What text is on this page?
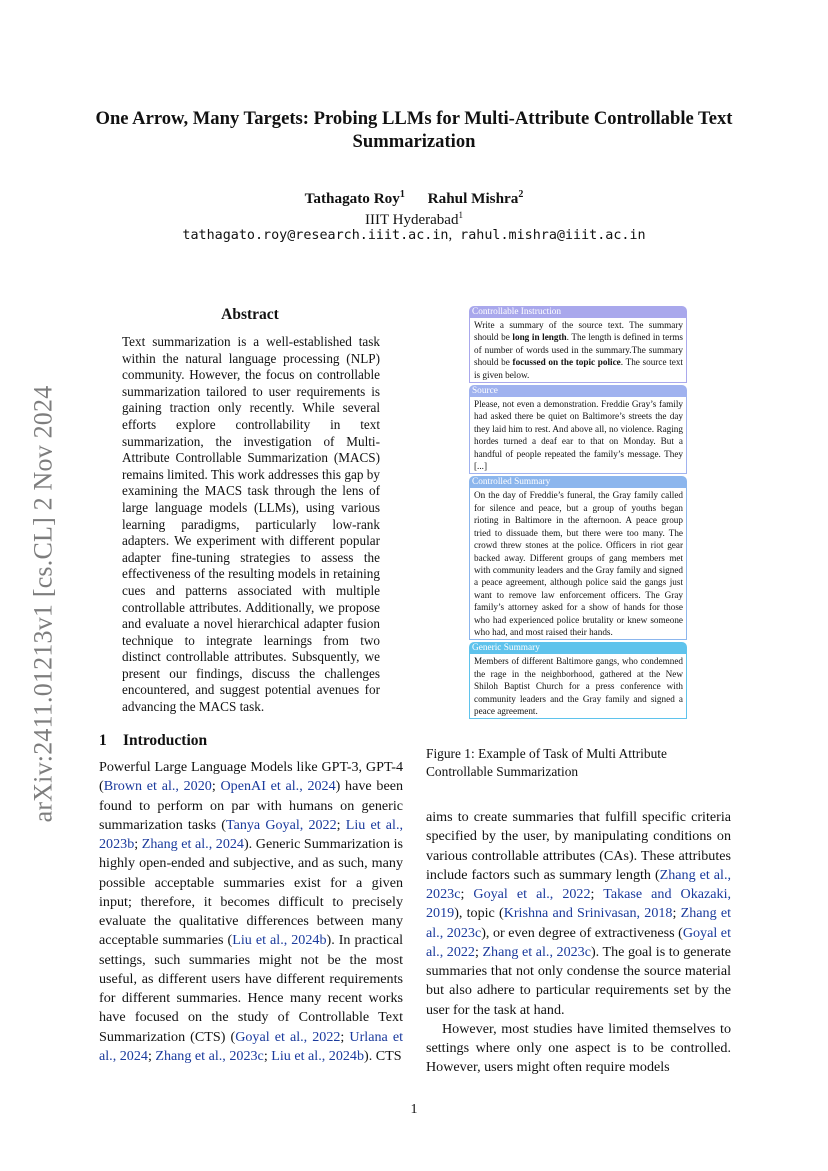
arXiv:2411.01213v1 [cs.CL] 2 Nov 2024
One Arrow, Many Targets: Probing LLMs for Multi-Attribute Controllable Text Summarization
Tathagato Roy$^1$ Rahul Mishra$^2$
IIIT Hyderabad$^1$
tathagato.roy@research.iiit.ac.in, rahul.mishra@iiit.ac.in
Abstract
Text summarization is a well-established task within the natural language processing (NLP) community. However, the focus on controllable summarization tailored to user requirements is gaining traction only recently. While several efforts explore controllability in text summarization, the investigation of Multi-Attribute Controllable Summarization (MACS) remains limited. This work addresses this gap by examining the MACS task through the lens of large language models (LLMs), using various learning paradigms, particularly low-rank adapters. We experiment with different popular adapter fine-tuning strategies to assess the effectiveness of the resulting models in retaining cues and patterns associated with multiple controllable attributes. Additionally, we propose and evaluate a novel hierarchical adapter fusion technique to integrate learnings from two distinct controllable attributes. Subsquently, we present our findings, discuss the challenges encountered, and suggest potential avenues for advancing the MACS task.
1 Introduction
Powerful Large Language Models like GPT-3, GPT-4 (Brown et al., 2020; OpenAI et al., 2024) have been found to perform on par with humans on generic summarization tasks (Tanya Goyal, 2022; Liu et al., 2023b; Zhang et al., 2024). Generic Summarization is highly open-ended and subjective, and as such, many possible acceptable summaries exist for a given input; therefore, it becomes difficult to precisely evaluate the qualitative differences between many acceptable summaries (Liu et al., 2024b). In practical settings, such summaries might not be the most useful, as different users have different requirements for different summaries. Hence many recent works have focused on the study of Controllable Text Summarization (CTS) (Goyal et al., 2022; Urlana et al., 2024; Zhang et al., 2023c; Liu et al., 2024b). CTS
Controllable Instruction
Write a summary of the source text. The summary should be long in length. The length is defined in terms of number of words used in the summary.The summary should be focussed on the topic police. The source text is given below.
Source
Please, not even a demonstration. Freddie Gray’s family had asked there be quiet on Baltimore’s streets the day they laid him to rest. And above all, no violence. Raging hordes turned a deaf ear to that on Monday. But a handful of people repeated the family’s message. They [...]
Controlled Summary
On the day of Freddie’s funeral, the Gray family called for silence and peace, but a group of youths began rioting in Baltimore in the afternoon. A peace group tried to dissuade them, but there were too many. The crowd threw stones at the police. Officers in riot gear backed away. Different groups of gang members met with community leaders and the Gray family and signed a peace agreement, although police said the gangs just want to remove law enforcement officers. The Gray family’s attorney asked for a show of hands for those who had experienced police brutality or knew someone who had, and most raised their hands.
Generic Summary
Members of different Baltimore gangs, who condemned the rage in the neighborhood, gathered at the New Shiloh Baptist Church for a press conference with community leaders and the Gray family and signed a peace agreement.
Figure 1: Example of Task of Multi Attribute Controllable Summarization

aims to create summaries that fulfill specific criteria specified by the user, by manipulating conditions on various controllable attributes (CAs). These attributes include factors such as summary length (Zhang et al., 2023c; Goyal et al., 2022; Takase and Okazaki, 2019), topic (Krishna and Srinivasan, 2018; Zhang et al., 2023c), or even degree of extractiveness (Goyal et al., 2022; Zhang et al., 2023c). The goal is to generate summaries that not only condense the source material but also adhere to particular requirements set by the user for the task at hand.

However, most studies have limited themselves to settings where only one aspect is to be controlled. However, users might often require models

1
